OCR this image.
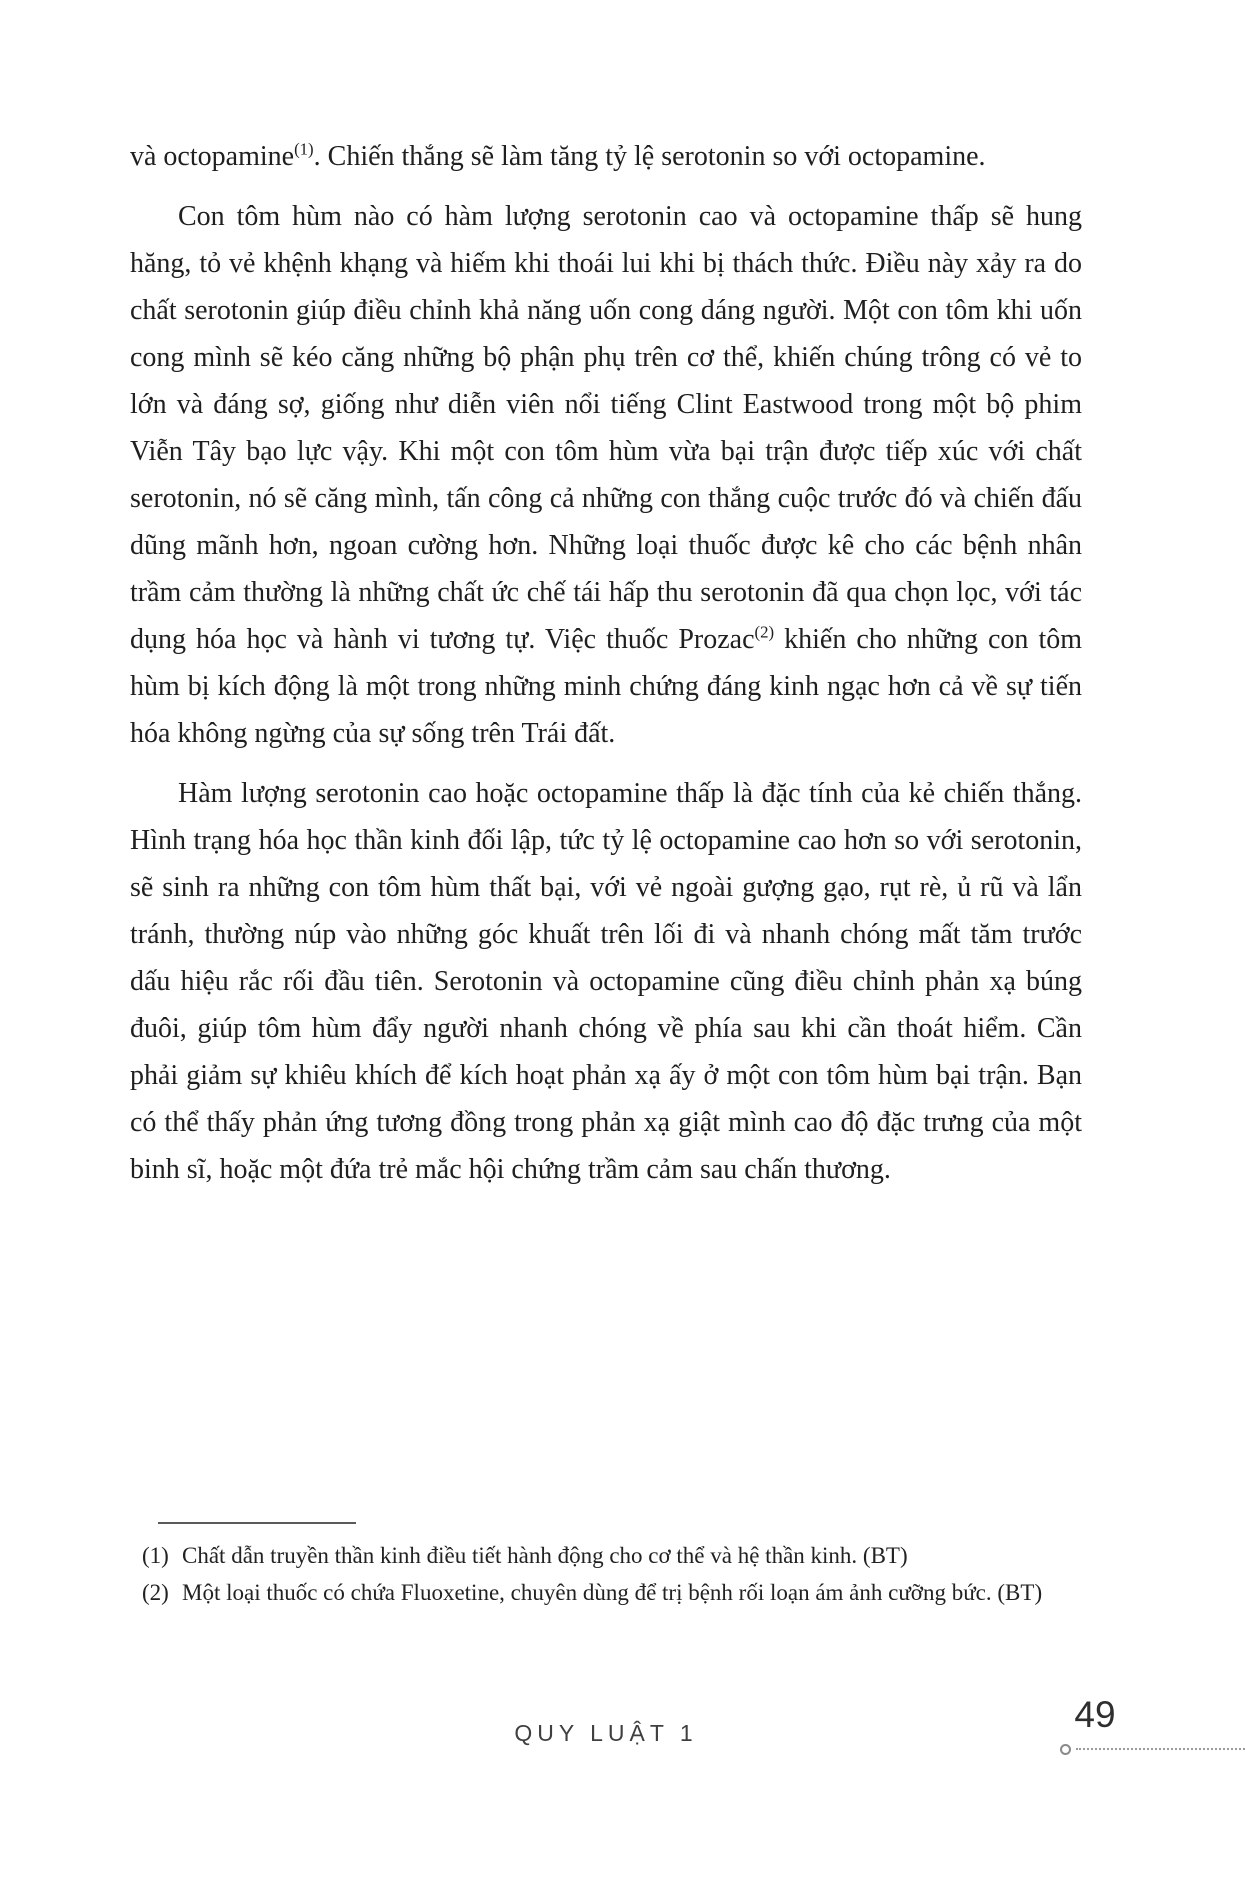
và octopamine$^{(1)}$. Chiến thắng sẽ làm tăng tỷ lệ serotonin so với octopamine.

Con tôm hùm nào có hàm lượng serotonin cao và octopamine thấp sẽ hung hăng, tỏ vẻ khệnh khạng và hiếm khi thoái lui khi bị thách thức. Điều này xảy ra do chất serotonin giúp điều chỉnh khả năng uốn cong dáng người. Một con tôm khi uốn cong mình sẽ kéo căng những bộ phận phụ trên cơ thể, khiến chúng trông có vẻ to lớn và đáng sợ, giống như diễn viên nổi tiếng Clint Eastwood trong một bộ phim Viễn Tây bạo lực vậy. Khi một con tôm hùm vừa bại trận được tiếp xúc với chất serotonin, nó sẽ căng mình, tấn công cả những con thắng cuộc trước đó và chiến đấu dũng mãnh hơn, ngoan cường hơn. Những loại thuốc được kê cho các bệnh nhân trầm cảm thường là những chất ức chế tái hấp thu serotonin đã qua chọn lọc, với tác dụng hóa học và hành vi tương tự. Việc thuốc Prozac$^{(2)}$ khiến cho những con tôm hùm bị kích động là một trong những minh chứng đáng kinh ngạc hơn cả về sự tiến hóa không ngừng của sự sống trên Trái đất.

Hàm lượng serotonin cao hoặc octopamine thấp là đặc tính của kẻ chiến thắng. Hình trạng hóa học thần kinh đối lập, tức tỷ lệ octopamine cao hơn so với serotonin, sẽ sinh ra những con tôm hùm thất bại, với vẻ ngoài gượng gạo, rụt rè, ủ rũ và lẩn tránh, thường núp vào những góc khuất trên lối đi và nhanh chóng mất tăm trước dấu hiệu rắc rối đầu tiên. Serotonin và octopamine cũng điều chỉnh phản xạ búng đuôi, giúp tôm hùm đẩy người nhanh chóng về phía sau khi cần thoát hiểm. Cần phải giảm sự khiêu khích để kích hoạt phản xạ ấy ở một con tôm hùm bại trận. Bạn có thể thấy phản ứng tương đồng trong phản xạ giật mình cao độ đặc trưng của một binh sĩ, hoặc một đứa trẻ mắc hội chứng trầm cảm sau chấn thương.

(1) Chất dẫn truyền thần kinh điều tiết hành động cho cơ thể và hệ thần kinh. (BT)
(2) Một loại thuốc có chứa Fluoxetine, chuyên dùng để trị bệnh rối loạn ám ảnh cưỡng bức. (BT)
QUY LUẬT 1	49
